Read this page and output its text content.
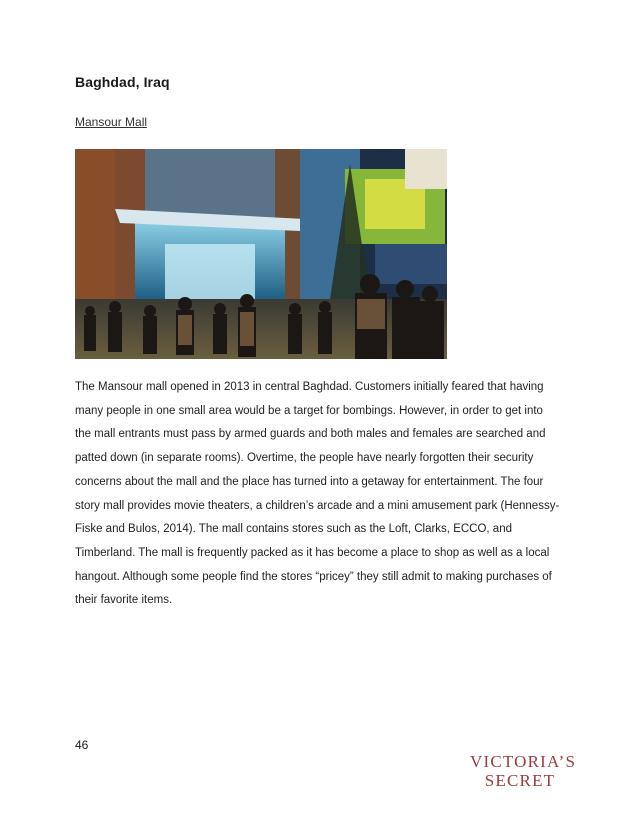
Baghdad, Iraq
Mansour Mall

The Mansour mall opened in 2013 in central Baghdad. Customers initially feared that having many people in one small area would be a target for bombings. However, in order to get into the mall entrants must pass by armed guards and both males and females are searched and patted down (in separate rooms). Overtime, the people have nearly forgotten their security concerns about the mall and the place has turned into a getaway for entertainment. The four story mall provides movie theaters, a children’s arcade and a mini amusement park (Hennessy-Fiske and Bulos, 2014). The mall contains stores such as the Loft, Clarks, ECCO, and Timberland. The mall is frequently packed as it has become a place to shop as well as a local hangout. Although some people find the stores “pricey” they still admit to making purchases of their favorite items.

46
VICTORIA’S
SECRET
